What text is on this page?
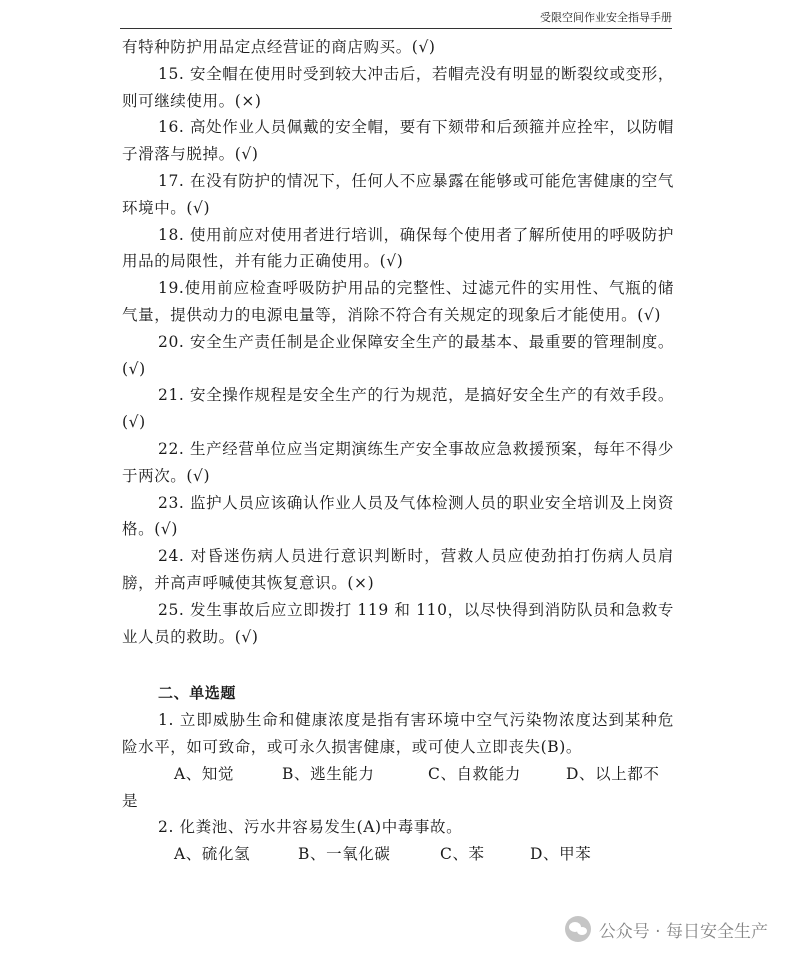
受限空间作业安全指导手册

有特种防护用品定点经营证的商店购买。(√)

15. 安全帽在使用时受到较大冲击后，若帽壳没有明显的断裂纹或变形，则可继续使用。(×)

16. 高处作业人员佩戴的安全帽，要有下颏带和后颈箍并应拴牢，以防帽子滑落与脱掉。(√)

17. 在没有防护的情况下，任何人不应暴露在能够或可能危害健康的空气环境中。(√)

18. 使用前应对使用者进行培训，确保每个使用者了解所使用的呼吸防护用品的局限性，并有能力正确使用。(√)

19.使用前应检查呼吸防护用品的完整性、过滤元件的实用性、气瓶的储气量，提供动力的电源电量等，消除不符合有关规定的现象后才能使用。(√)

20. 安全生产责任制是企业保障安全生产的最基本、最重要的管理制度。(√)

21. 安全操作规程是安全生产的行为规范，是搞好安全生产的有效手段。(√)

22. 生产经营单位应当定期演练生产安全事故应急救援预案，每年不得少于两次。(√)

23. 监护人员应该确认作业人员及气体检测人员的职业安全培训及上岗资格。(√)

24. 对昏迷伤病人员进行意识判断时，营救人员应使劲拍打伤病人员肩膀，并高声呼喊使其恢复意识。(×)

25. 发生事故后应立即拨打 119 和 110，以尽快得到消防队员和急救专业人员的救助。(√)

二、单选题

1. 立即威胁生命和健康浓度是指有害环境中空气污染物浓度达到某种危险水平，如可致命，或可永久损害健康，或可使人立即丧失(B)。

A、知觉	B、逃生能力	C、自救能力	D、以上都不

是

2. 化粪池、污水井容易发生(A)中毒事故。

A、硫化氢	B、一氧化碳	C、苯	D、甲苯

公众号 · 每日安全生产
